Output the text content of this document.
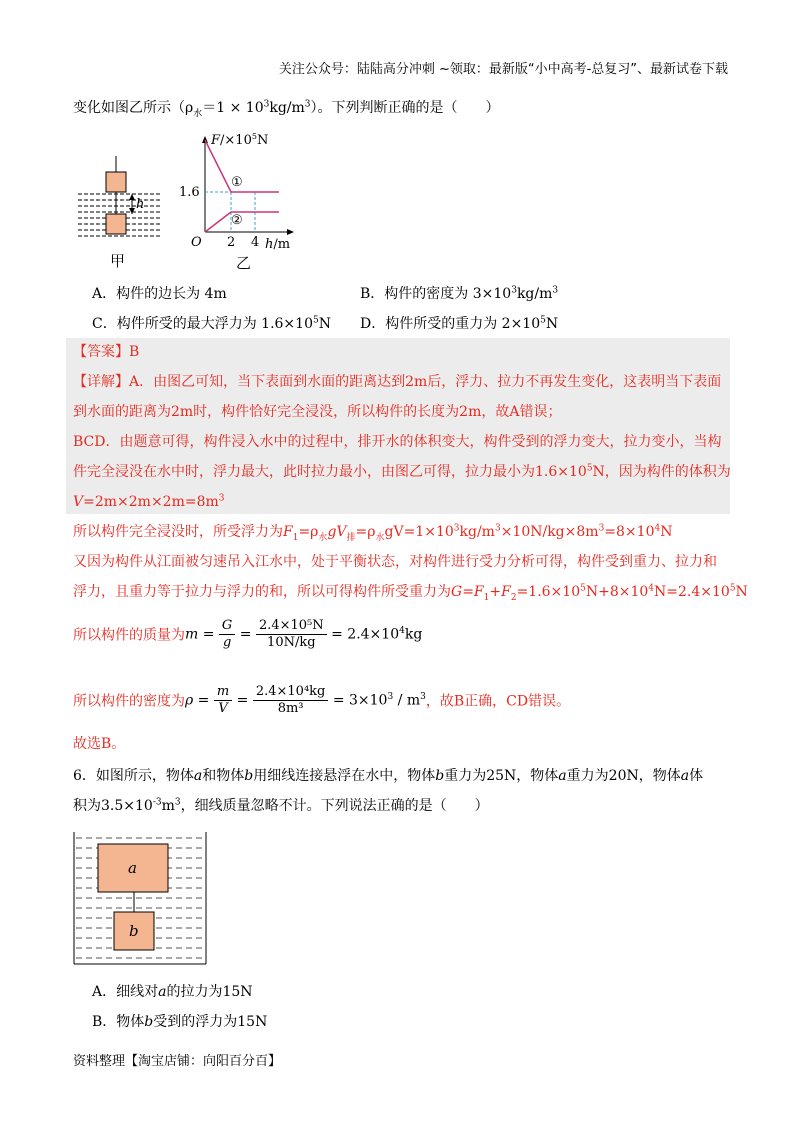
关注公众号：陆陆高分冲刺 ~领取：最新版“小中高考-总复习”、最新试卷下载
变化如图乙所示$(\rho_水=1 \times 10^3kg/m^3)$。下列判断正确的是（　　）
h
甲
①
②
1.6
O 2 4 h/m
$F/\times 10^5N$
乙
A．构件的边长为 4m	B．构件的密度为 $3\times 10^3kg/m^3$
C．构件所受的最大浮力为 $1.6\times 10^5N$ D．构件所受的重力为 $2\times 10^5N$
【答案】B
【详解】A．由图乙可知，当下表面到水面的距离达到2m后，浮力、拉力不再发生变化，这表明当下表面
到水面的距离为2m时，构件恰好完全浸没，所以构件的长度为2m，故A错误；
BCD．由题意可得，构件浸入水中的过程中，排开水的体积变大，构件受到的浮力变大，拉力变小，当构
件完全浸没在水中时，浮力最大，此时拉力最小，由图乙可得，拉力最小为$1.6\times 10^5N$，因为构件的体积为
$V=2m\times 2m\times 2m=8m^3$
所以构件完全浸没时，所受浮力为$F_1=\rho_水gV_排=\rho_水gV=1\times 10^3kg/m^3\times 10N/kg\times 8m^3=8\times 10^4N$
又因为构件从江面被匀速吊入江水中，处于平衡状态，对构件进行受力分析可得，构件受到重力、拉力和
浮力，且重力等于拉力与浮力的和，所以可得构件所受重力为$G=F_1+F_2=1.6\times 10^5N+8\times 10^4N=2.4\times 10^5N$
所以构件的质量为$m = \frac{G}{g} = \frac{\text{2.4×10⁵N}}{10N/kg} = 2.4\times 10^4kg$
所以构件的密度为$\rho = \frac{m}{V} = \frac{\text{2.4×10⁴kg}}{\text{8m³}} = 3\times 10^3 / m^3$，故B正确，CD错误。
故选B。
6．如图所示，物体a和物体b用细线连接悬浮在水中，物体b重力为25N，物体a重力为20N，物体a体
积为$3.5\times 10^{-3}m^3$，细线质量忽略不计。下列说法正确的是（　　）
a
b
A．细线对a的拉力为15N
B．物体b受到的浮力为15N
资料整理【淘宝店铺：向阳百分百】
